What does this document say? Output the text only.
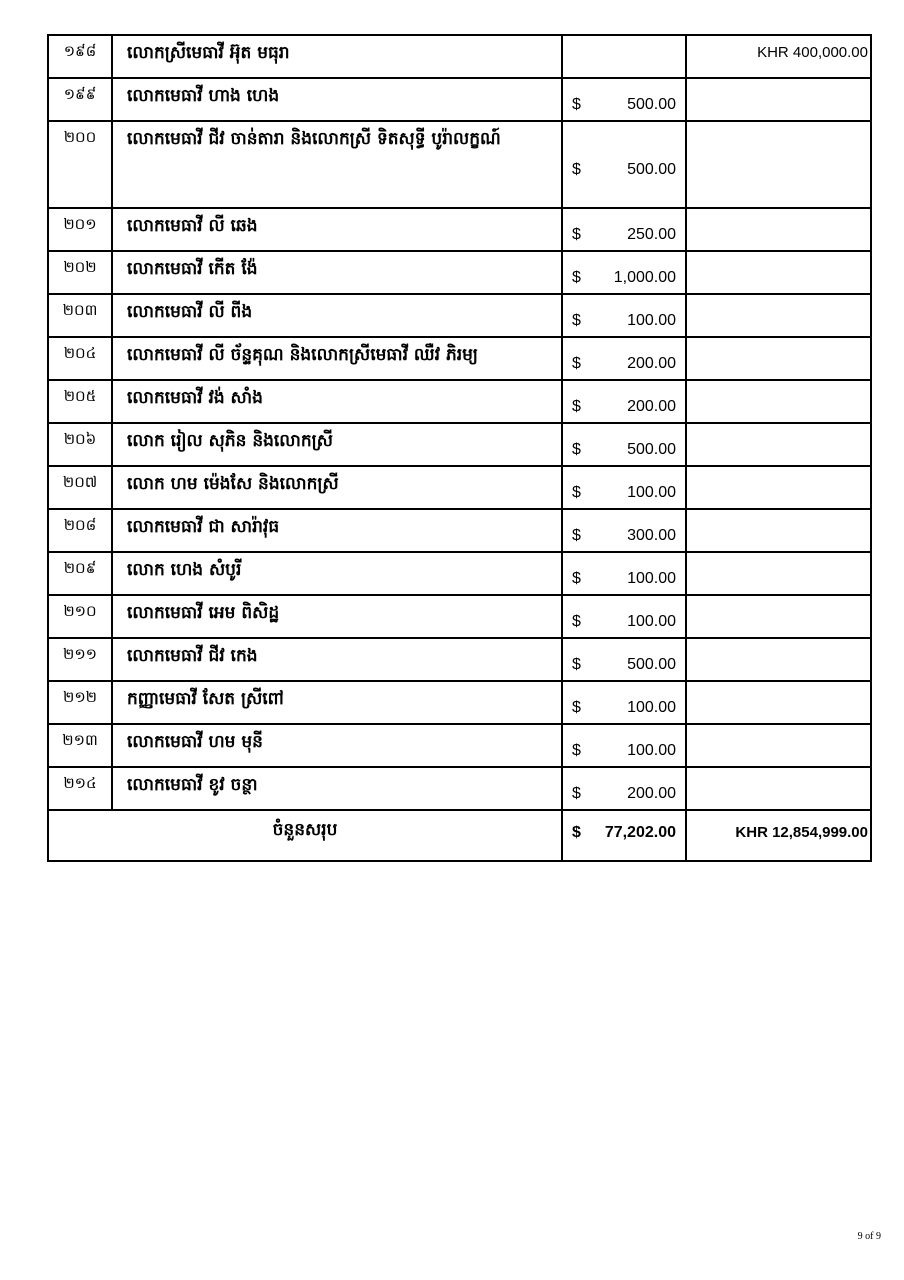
១៩៨	លោកស្រីមេធាវី អ៊ុត មធុរា		KHR 400,000.00
១៩៩	លោកមេធាវី ហាង ហេង	$ 500.00	

២០០	លោកមេធាវី ជីវ ចាន់តារា និងលោកស្រី ទិតសុទ្ធី បូរ៉ាលក្ខណ៍	$ 500.00	

២០១	លោកមេធាវី លី ឆេង	$ 250.00	

២០២	លោកមេធាវី កើត ង៉ែ	$ 1,000.00	

២០៣	លោកមេធាវី លី ពីង	$ 100.00	

២០៤	លោកមេធាវី លី ច័ន្ទគុណ និងលោកស្រីមេធាវី ឈឺវ ភិរម្យ	$ 200.00	

២០៥	លោកមេធាវី វង់ សាំង	$ 200.00	

២០៦	លោក រៀល សុភិន និងលោកស្រី	$ 500.00	

២០៧	លោក ហម ម៉េងសែ និងលោកស្រី	$ 100.00	

២០៨	លោកមេធាវី ជា សារ៉ាវុធ	$ 300.00	

២០៩	លោក ហេង សំបូរី	$ 100.00	

២១០	លោកមេធាវី អេម ពិសិដ្ឋ	$ 100.00	

២១១	លោកមេធាវី ជីវ កេង	$ 500.00	

២១២	កញ្ញាមេធាវី សែត ស្រីពៅ	$ 100.00	

២១៣	លោកមេធាវី ហម មុនី	$ 100.00	

២១៤	លោកមេធាវី ខូវ ចន្ថា	$ 200.00	

ចំនួនសរុប		$ 77,202.00	KHR 12,854,999.00
9 of 9
